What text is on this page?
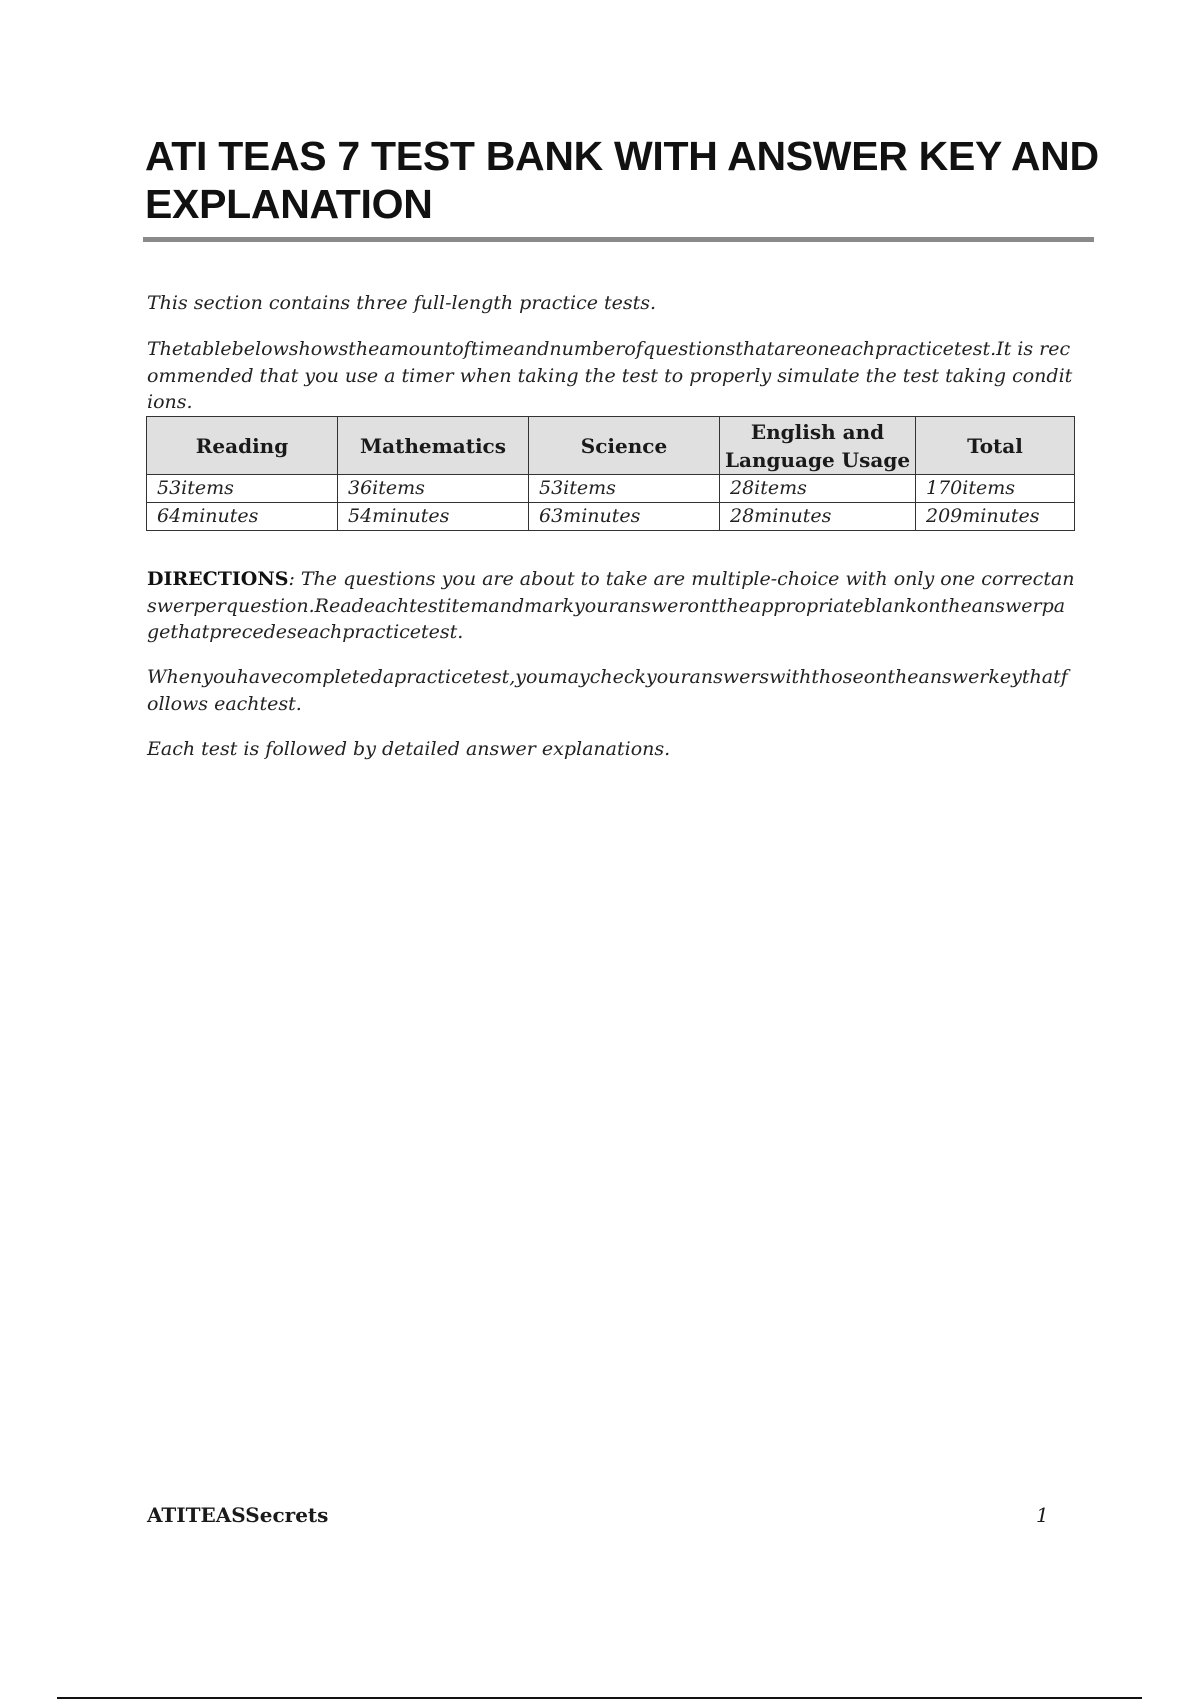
ATI TEAS 7 TEST BANK WITH ANSWER KEY AND EXPLANATION

This section contains three full-length practice tests.

Thetablebelowshowstheamountoftimeandnumberofquestionsthatareoneachpracticetest.It is recommended that you use a timer when taking the test to properly simulate the test taking conditions.

Reading	Mathematics	Science	English and Language Usage	Total
53items	36items	53items	28items	170items
64minutes	54minutes	63minutes	28minutes	209minutes

DIRECTIONS: The questions you are about to take are multiple-choice with only one correctanswerperquestion.Readeachtestitemandmarkyouransweronttheappropriateblankontheanswerpagethatprecedeseachpracticetest.

Whenyouhavecompletedapracticetest,youmaycheckyouranswerswiththoseontheanswerkeythatfollows eachtest.

Each test is followed by detailed answer explanations.

ATITEASSecrets	1
